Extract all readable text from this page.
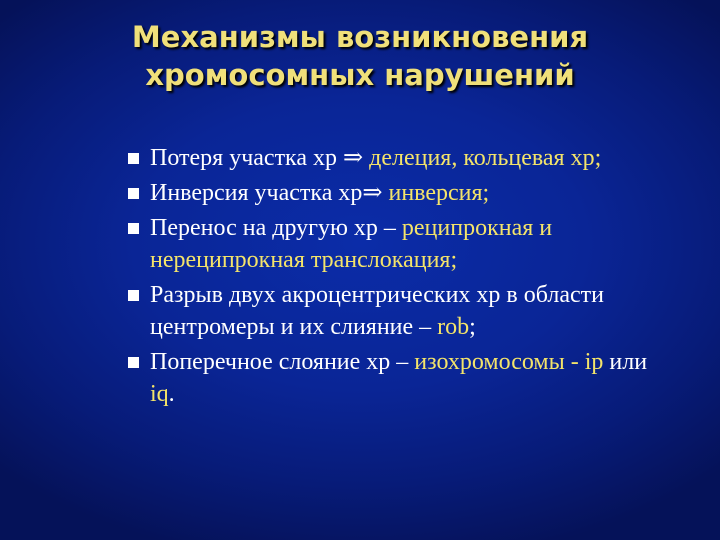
Механизмы возникновения
хромосомных нарушений
Потеря участка хр ⇒ делеция, кольцевая хр;
Инверсия участка хр⇒ инверсия;
Перенос на другую хр – реципрокная и нереципрокная транслокация;
Разрыв двух акроцентрических хр в области центромеры и их слияние – rob;
Поперечное слояние хр – изохромосомы - ip или iq.
